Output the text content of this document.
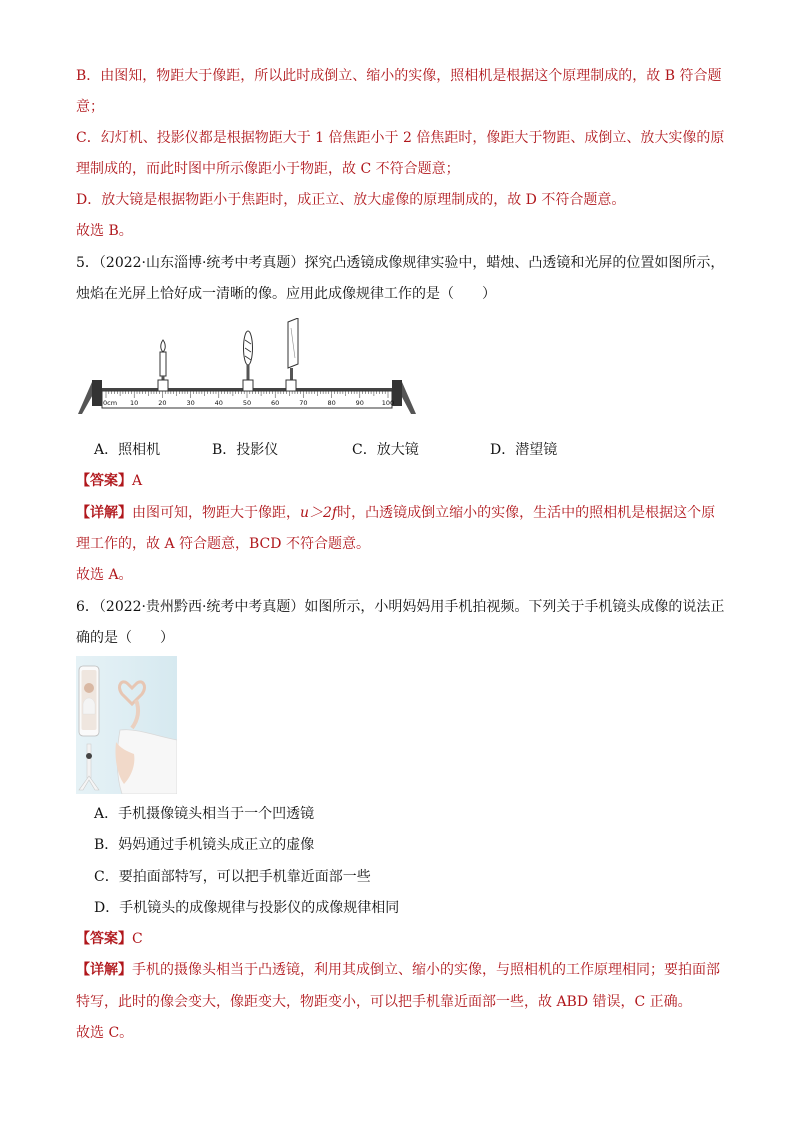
B．由图知，物距大于像距，所以此时成倒立、缩小的实像，照相机是根据这个原理制成的，故 B 符合题
意；
C．幻灯机、投影仪都是根据物距大于 1 倍焦距小于 2 倍焦距时，像距大于物距、成倒立、放大实像的原
理制成的，而此时图中所示像距小于物距，故 C 不符合题意；
D．放大镜是根据物距小于焦距时，成正立、放大虚像的原理制成的，故 D 不符合题意。
故选 B。
5．（2022·山东淄博·统考中考真题）探究凸透镜成像规律实验中，蜡烛、凸透镜和光屏的位置如图所示，
烛焰在光屏上恰好成一清晰的像。应用此成像规律工作的是（　　）
0cm 10	20	30	40	50	60	70	80	90	100
A．照相机	B．投影仪	C．放大镜	D．潜望镜
【答案】A
【详解】由图可知，物距大于像距，u＞2f时，凸透镜成倒立缩小的实像，生活中的照相机是根据这个原
理工作的，故 A 符合题意，BCD 不符合题意。
故选 A。
6．（2022·贵州黔西·统考中考真题）如图所示，小明妈妈用手机拍视频。下列关于手机镜头成像的说法正
确的是（　　）
A．手机摄像镜头相当于一个凹透镜
B．妈妈通过手机镜头成正立的虚像
C．要拍面部特写，可以把手机靠近面部一些
D．手机镜头的成像规律与投影仪的成像规律相同
【答案】C
【详解】手机的摄像头相当于凸透镜，利用其成倒立、缩小的实像，与照相机的工作原理相同；要拍面部
特写，此时的像会变大，像距变大，物距变小，可以把手机靠近面部一些，故 ABD 错误，C 正确。
故选 C。
